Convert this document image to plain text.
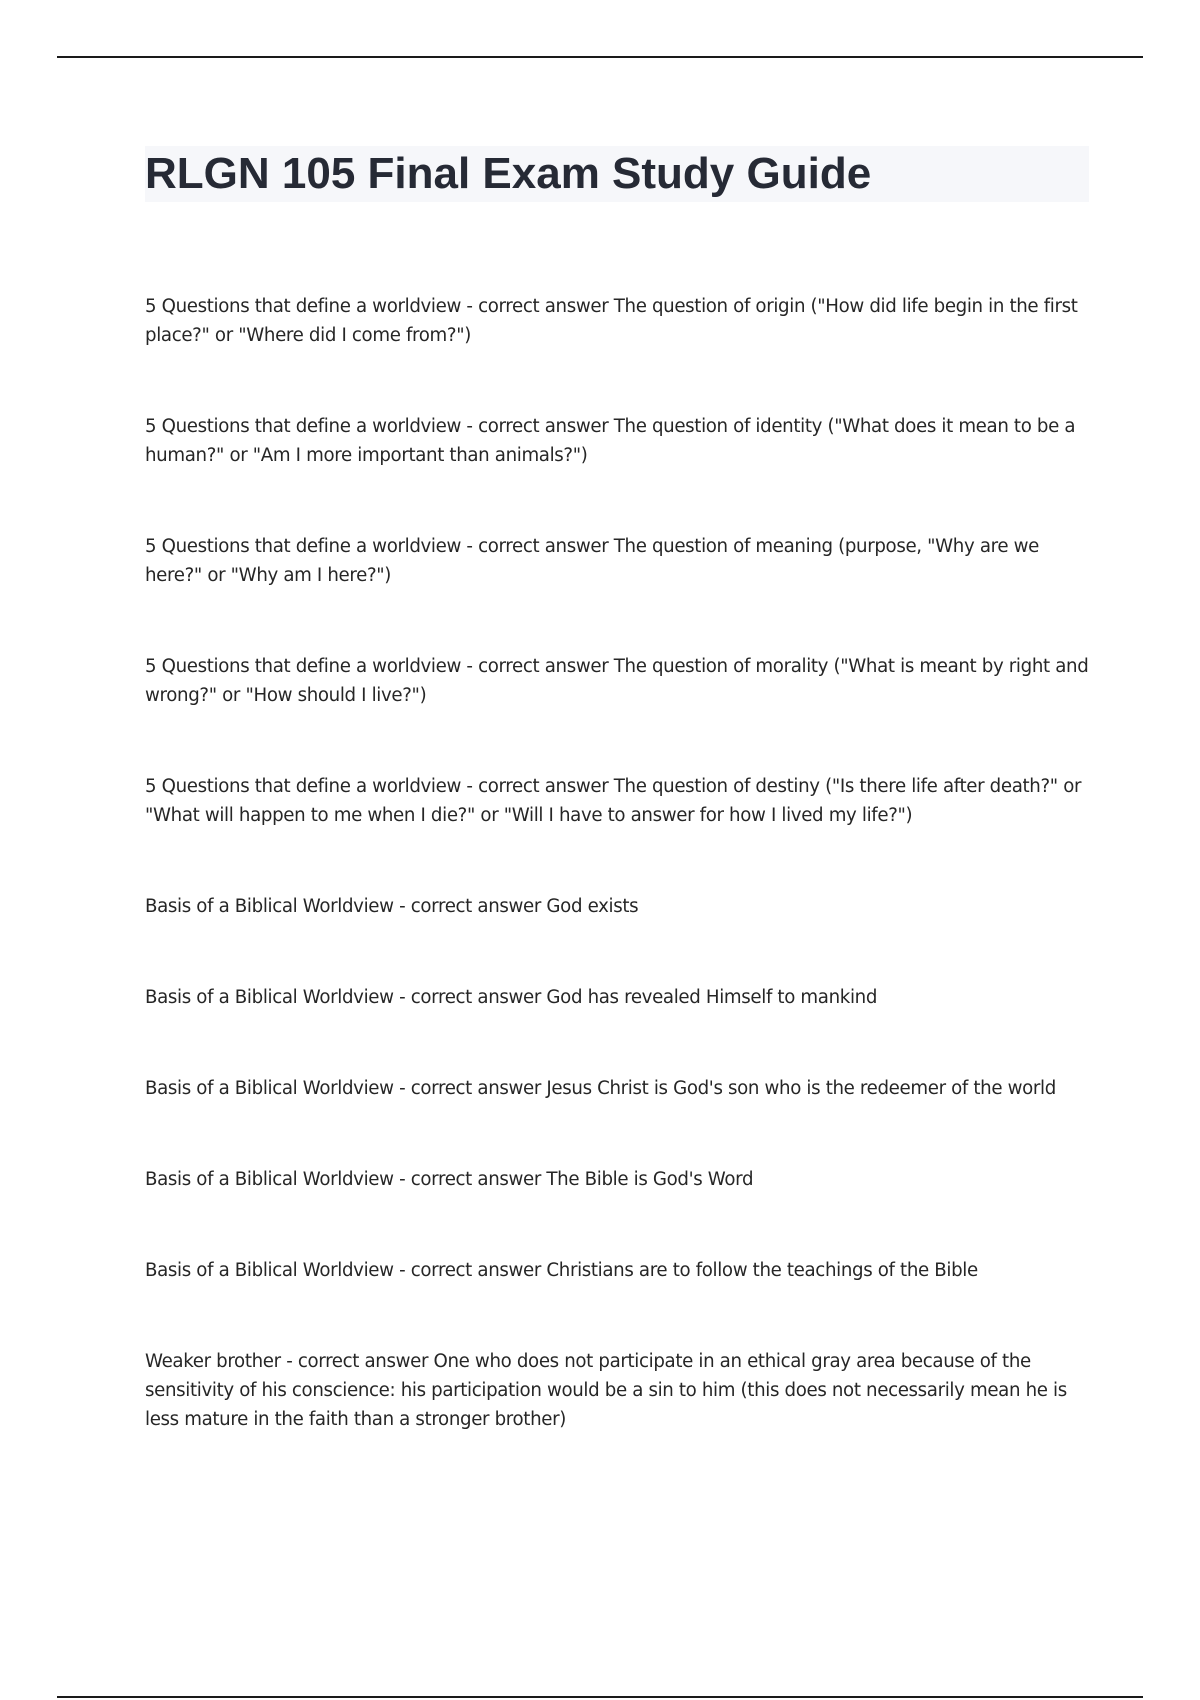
RLGN 105 Final Exam Study Guide

5 Questions that define a worldview - correct answer The question of origin ("How did life begin in the first place?" or "Where did I come from?")

5 Questions that define a worldview - correct answer The question of identity ("What does it mean to be a human?" or "Am I more important than animals?")

5 Questions that define a worldview - correct answer The question of meaning (purpose, "Why are we here?" or "Why am I here?")

5 Questions that define a worldview - correct answer The question of morality ("What is meant by right and wrong?" or "How should I live?")

5 Questions that define a worldview - correct answer The question of destiny ("Is there life after death?" or "What will happen to me when I die?" or "Will I have to answer for how I lived my life?")

Basis of a Biblical Worldview - correct answer God exists

Basis of a Biblical Worldview - correct answer God has revealed Himself to mankind

Basis of a Biblical Worldview - correct answer Jesus Christ is God's son who is the redeemer of the world

Basis of a Biblical Worldview - correct answer The Bible is God's Word

Basis of a Biblical Worldview - correct answer Christians are to follow the teachings of the Bible

Weaker brother - correct answer One who does not participate in an ethical gray area because of the sensitivity of his conscience: his participation would be a sin to him (this does not necessarily mean he is less mature in the faith than a stronger brother)
